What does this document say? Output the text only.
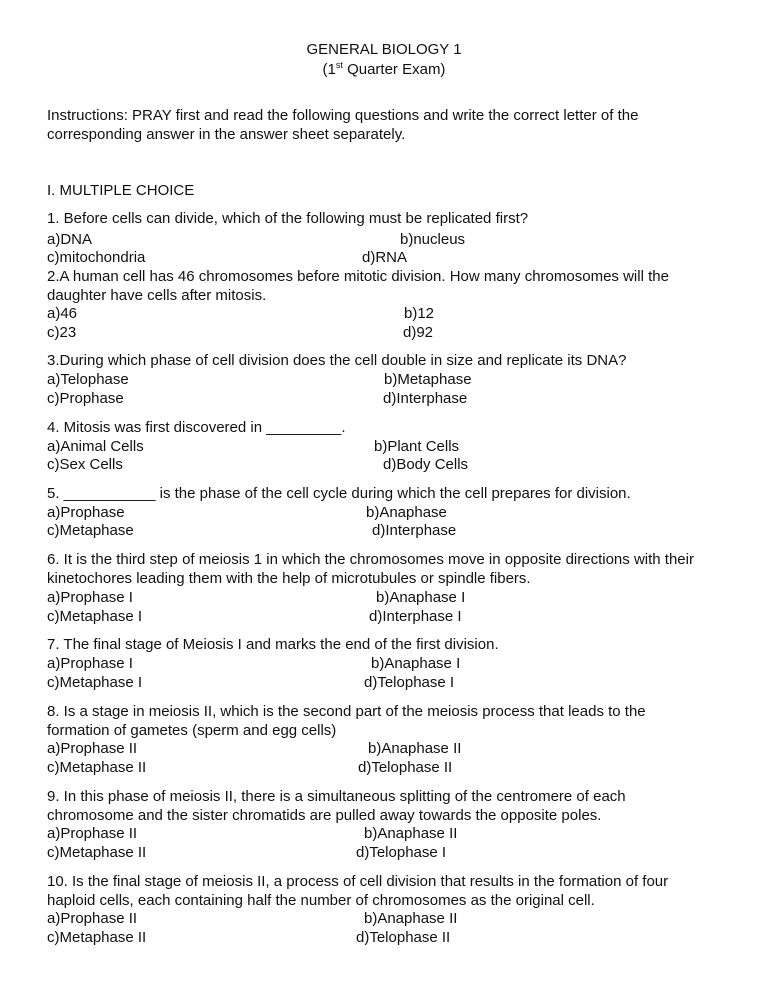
GENERAL BIOLOGY 1
(1st Quarter Exam)
Instructions: PRAY first and read the following questions and write the correct letter of the
corresponding answer in the answer sheet separately.
I. MULTIPLE CHOICE
1. Before cells can divide, which of the following must be replicated first?
a)DNA	b)nucleus
c)mitochondria	d)RNA
2.A human cell has 46 chromosomes before mitotic division. How many chromosomes will the
daughter have cells after mitosis.
a)46	b)12
c)23	d)92
3.During which phase of cell division does the cell double in size and replicate its DNA?
a)Telophase	b)Metaphase
c)Prophase	d)Interphase
4. Mitosis was first discovered in _________.
a)Animal Cells	b)Plant Cells
c)Sex Cells	d)Body Cells
5. ___________ is the phase of the cell cycle during which the cell prepares for division.
a)Prophase	b)Anaphase
c)Metaphase	d)Interphase
6. It is the third step of meiosis 1 in which the chromosomes move in opposite directions with their
kinetochores leading them with the help of microtubules or spindle fibers.
a)Prophase I	b)Anaphase I
c)Metaphase I	d)Interphase I
7. The final stage of Meiosis I and marks the end of the first division.
a)Prophase I	b)Anaphase I
c)Metaphase I	d)Telophase I
8. Is a stage in meiosis II, which is the second part of the meiosis process that leads to the
formation of gametes (sperm and egg cells)
a)Prophase II	b)Anaphase II
c)Metaphase II	d)Telophase II
9. In this phase of meiosis II, there is a simultaneous splitting of the centromere of each
chromosome and the sister chromatids are pulled away towards the opposite poles.
a)Prophase II	b)Anaphase II
c)Metaphase II	d)Telophase I
10. Is the final stage of meiosis II, a process of cell division that results in the formation of four
haploid cells, each containing half the number of chromosomes as the original cell.
a)Prophase II	b)Anaphase II
c)Metaphase II	d)Telophase II
